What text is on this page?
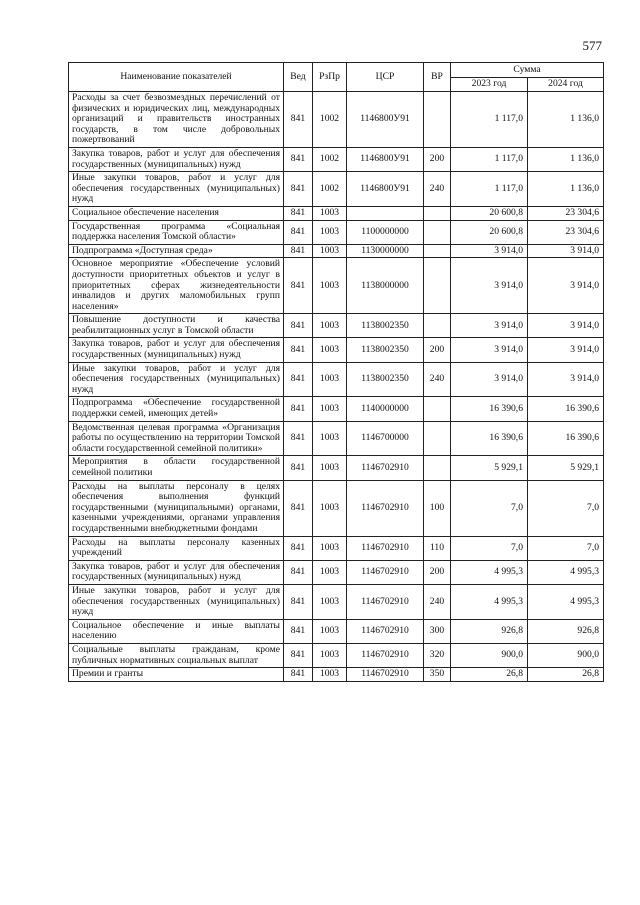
577
Наименование показателей	Вед	РзПр	ЦСР	ВР	Сумма	
					2023 год	2024 год
Расходы за счет безвозмездных перечислений от физических и юридических лиц, международных организаций и правительств иностранных государств, в том числе добровольных пожертвований	841	1002	1146800У91		1 117,0	1 136,0
Закупка товаров, работ и услуг для обеспечения государственных (муниципальных) нужд	841	1002	1146800У91	200	1 117,0	1 136,0
Иные закупки товаров, работ и услуг для обеспечения государственных (муниципальных) нужд	841	1002	1146800У91	240	1 117,0	1 136,0
Социальное обеспечение населения	841	1003			20 600,8	23 304,6
Государственная программа «Социальная поддержка населения Томской области»	841	1003	1100000000		20 600,8	23 304,6
Подпрограмма «Доступная среда»	841	1003	1130000000		3 914,0	3 914,0
Основное мероприятие «Обеспечение условий доступности приоритетных объектов и услуг в приоритетных сферах жизнедеятельности инвалидов и других маломобильных групп населения»	841	1003	1138000000		3 914,0	3 914,0
Повышение доступности и качества реабилитационных услуг в Томской области	841	1003	1138002350		3 914,0	3 914,0
Закупка товаров, работ и услуг для обеспечения государственных (муниципальных) нужд	841	1003	1138002350	200	3 914,0	3 914,0
Иные закупки товаров, работ и услуг для обеспечения государственных (муниципальных) нужд	841	1003	1138002350	240	3 914,0	3 914,0
Подпрограмма «Обеспечение государственной поддержки семей, имеющих детей»	841	1003	1140000000		16 390,6	16 390,6
Ведомственная целевая программа «Организация работы по осуществлению на территории Томской области государственной семейной политики»	841	1003	1146700000		16 390,6	16 390,6
Мероприятия в области государственной семейной политики	841	1003	1146702910		5 929,1	5 929,1
Расходы на выплаты персоналу в целях обеспечения выполнения функций государственными (муниципальными) органами, казенными учреждениями, органами управления государственными внебюджетными фондами	841	1003	1146702910	100	7,0	7,0
Расходы на выплаты персоналу казенных учреждений	841	1003	1146702910	110	7,0	7,0
Закупка товаров, работ и услуг для обеспечения государственных (муниципальных) нужд	841	1003	1146702910	200	4 995,3	4 995,3
Иные закупки товаров, работ и услуг для обеспечения государственных (муниципальных) нужд	841	1003	1146702910	240	4 995,3	4 995,3
Социальное обеспечение и иные выплаты населению	841	1003	1146702910	300	926,8	926,8
Социальные выплаты гражданам, кроме публичных нормативных социальных выплат	841	1003	1146702910	320	900,0	900,0
Премии и гранты	841	1003	1146702910	350	26,8	26,8
